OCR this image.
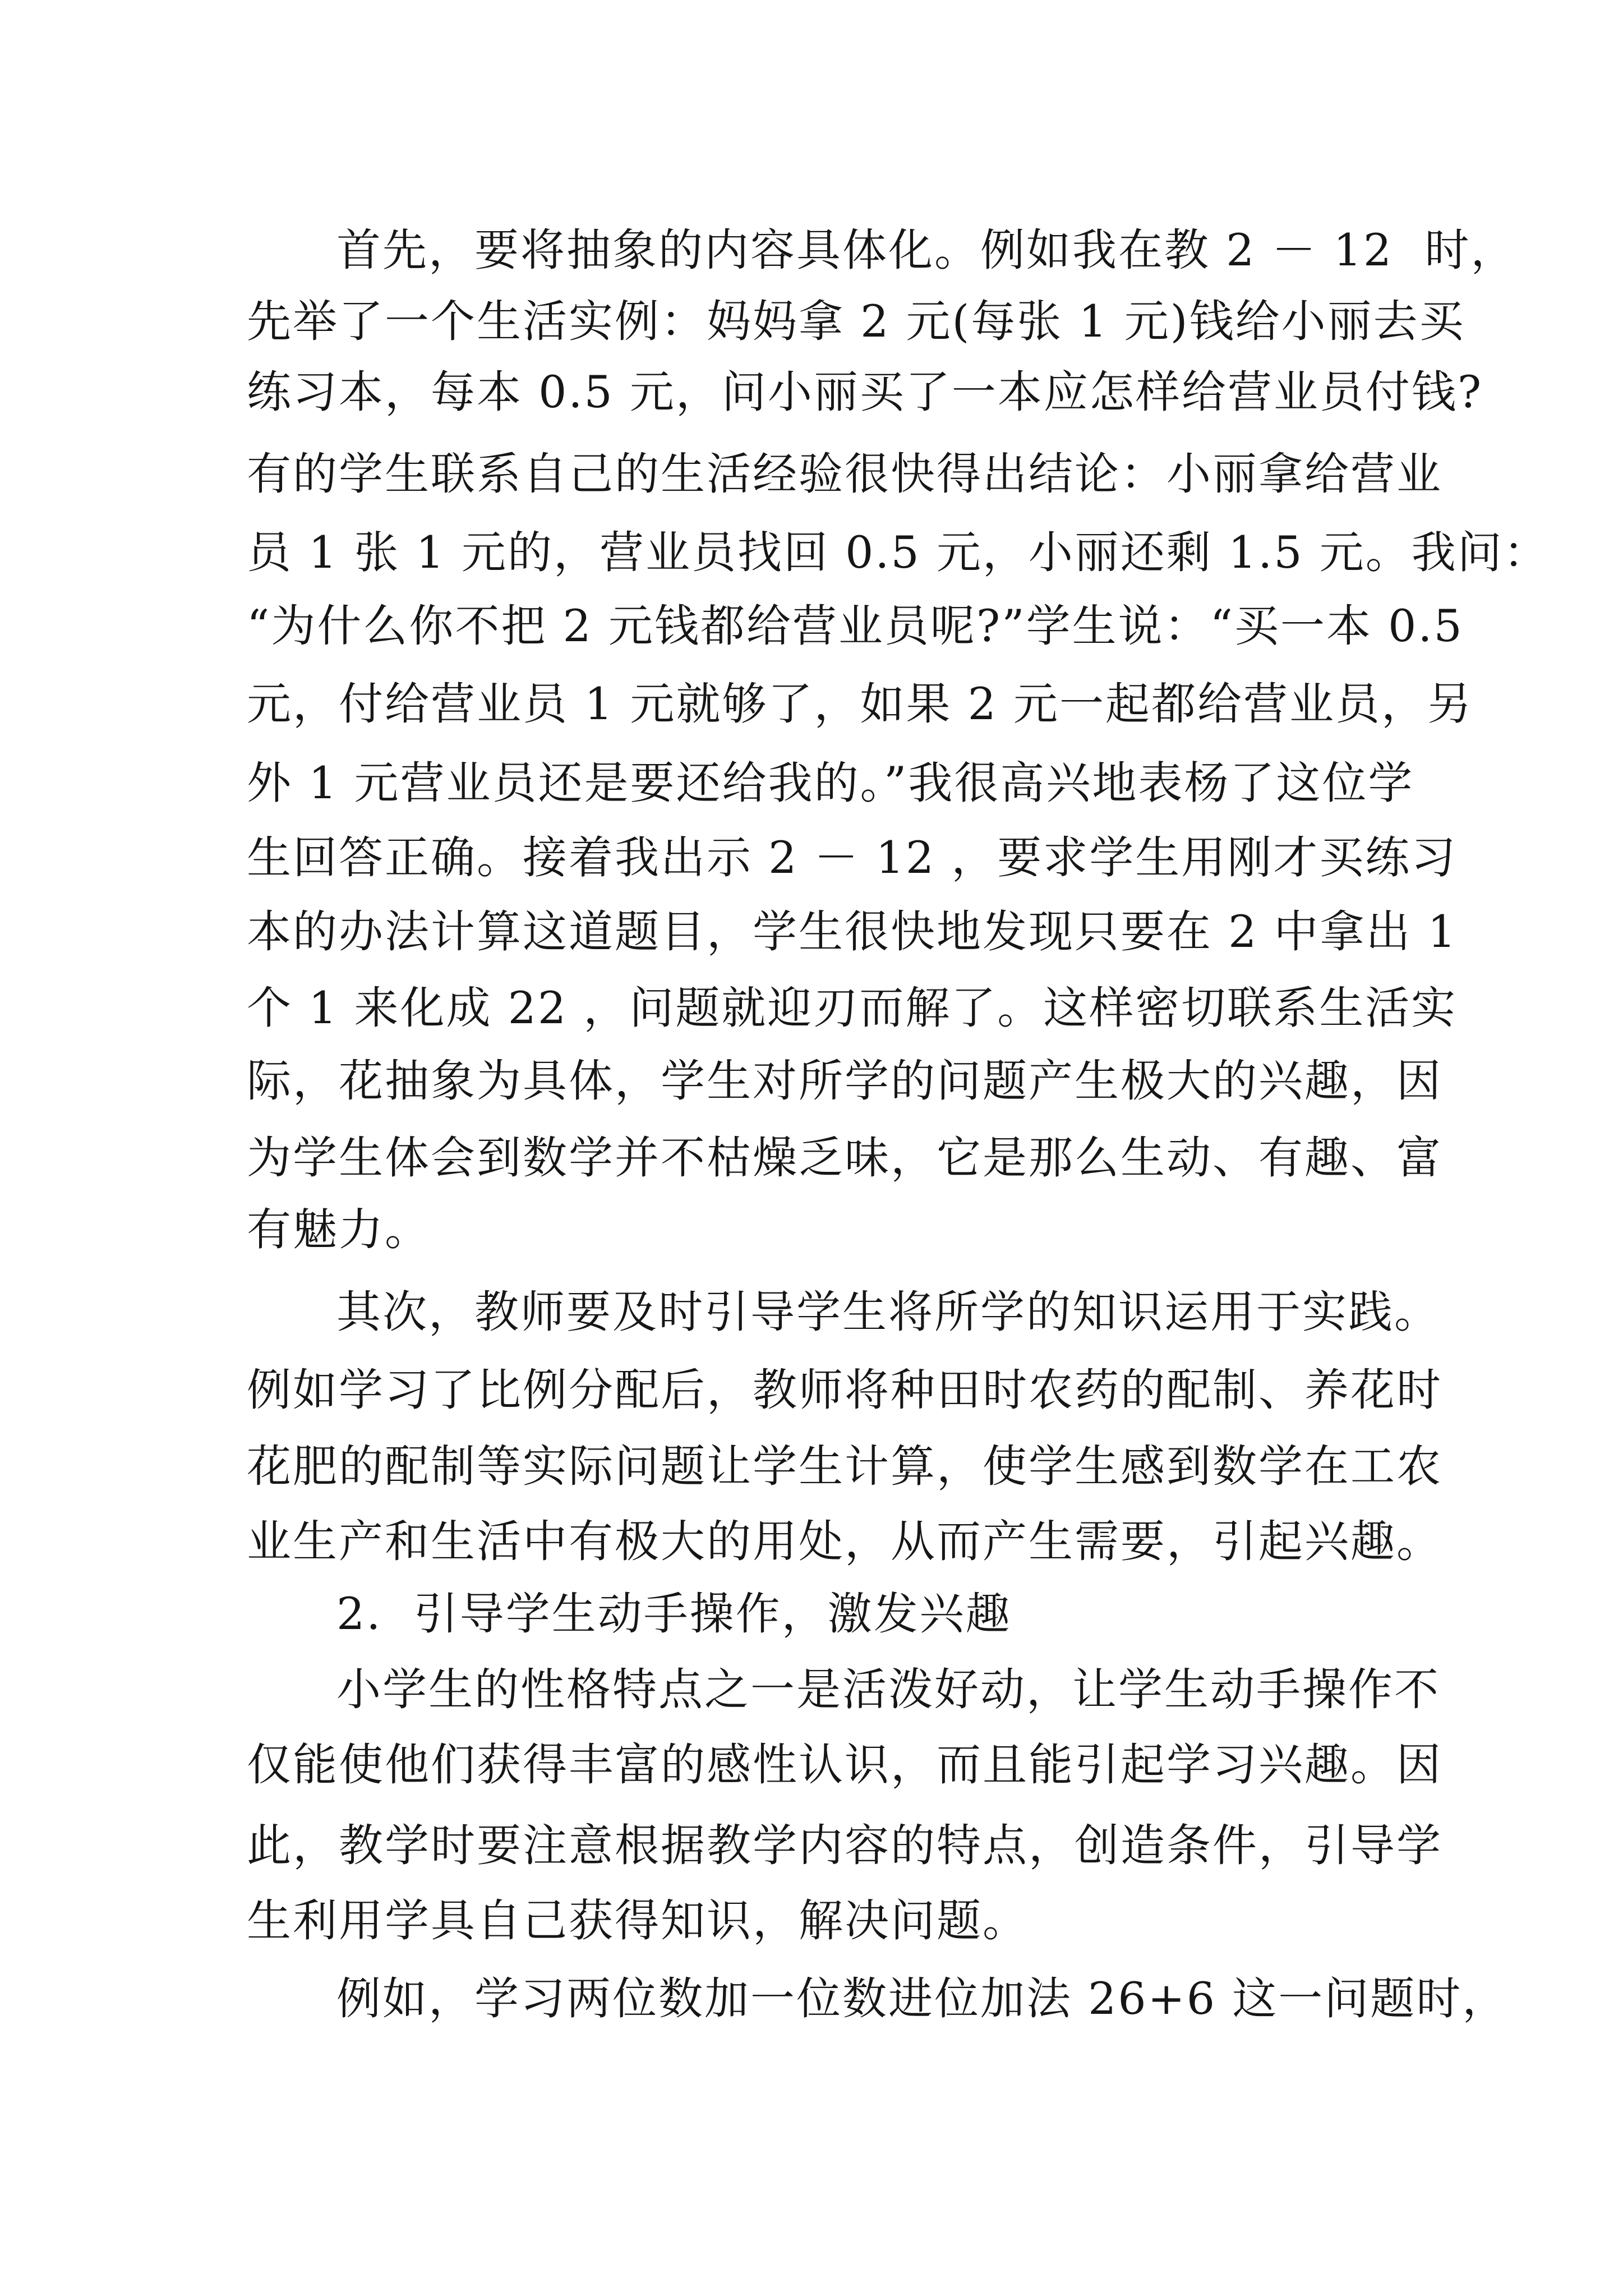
首先，要将抽象的内容具体化。例如我在教 2 － 12  时，
先举了一个生活实例：妈妈拿 2 元(每张 1 元)钱给小丽去买
练习本，每本 0.5 元，问小丽买了一本应怎样给营业员付钱?
有的学生联系自己的生活经验很快得出结论：小丽拿给营业
员 1 张 1 元的，营业员找回 0.5 元，小丽还剩 1.5 元。我问：
“为什么你不把 2 元钱都给营业员呢?”学生说：“买一本 0.5
元，付给营业员 1 元就够了，如果 2 元一起都给营业员，另
外 1 元营业员还是要还给我的。”我很高兴地表杨了这位学
生回答正确。接着我出示 2 － 12 ，要求学生用刚才买练习
本的办法计算这道题目，学生很快地发现只要在 2 中拿出 1
个 1 来化成 22 ，问题就迎刃而解了。这样密切联系生活实
际，花抽象为具体，学生对所学的问题产生极大的兴趣，因
为学生体会到数学并不枯燥乏味，它是那么生动、有趣、富
有魅力。
其次，教师要及时引导学生将所学的知识运用于实践。
例如学习了比例分配后，教师将种田时农药的配制、养花时
花肥的配制等实际问题让学生计算，使学生感到数学在工农
业生产和生活中有极大的用处，从而产生需要，引起兴趣。
2.  引导学生动手操作，激发兴趣
小学生的性格特点之一是活泼好动，让学生动手操作不
仅能使他们获得丰富的感性认识，而且能引起学习兴趣。因
此，教学时要注意根据教学内容的特点，创造条件，引导学
生利用学具自己获得知识，解决问题。
例如，学习两位数加一位数进位加法 26+6 这一问题时，
